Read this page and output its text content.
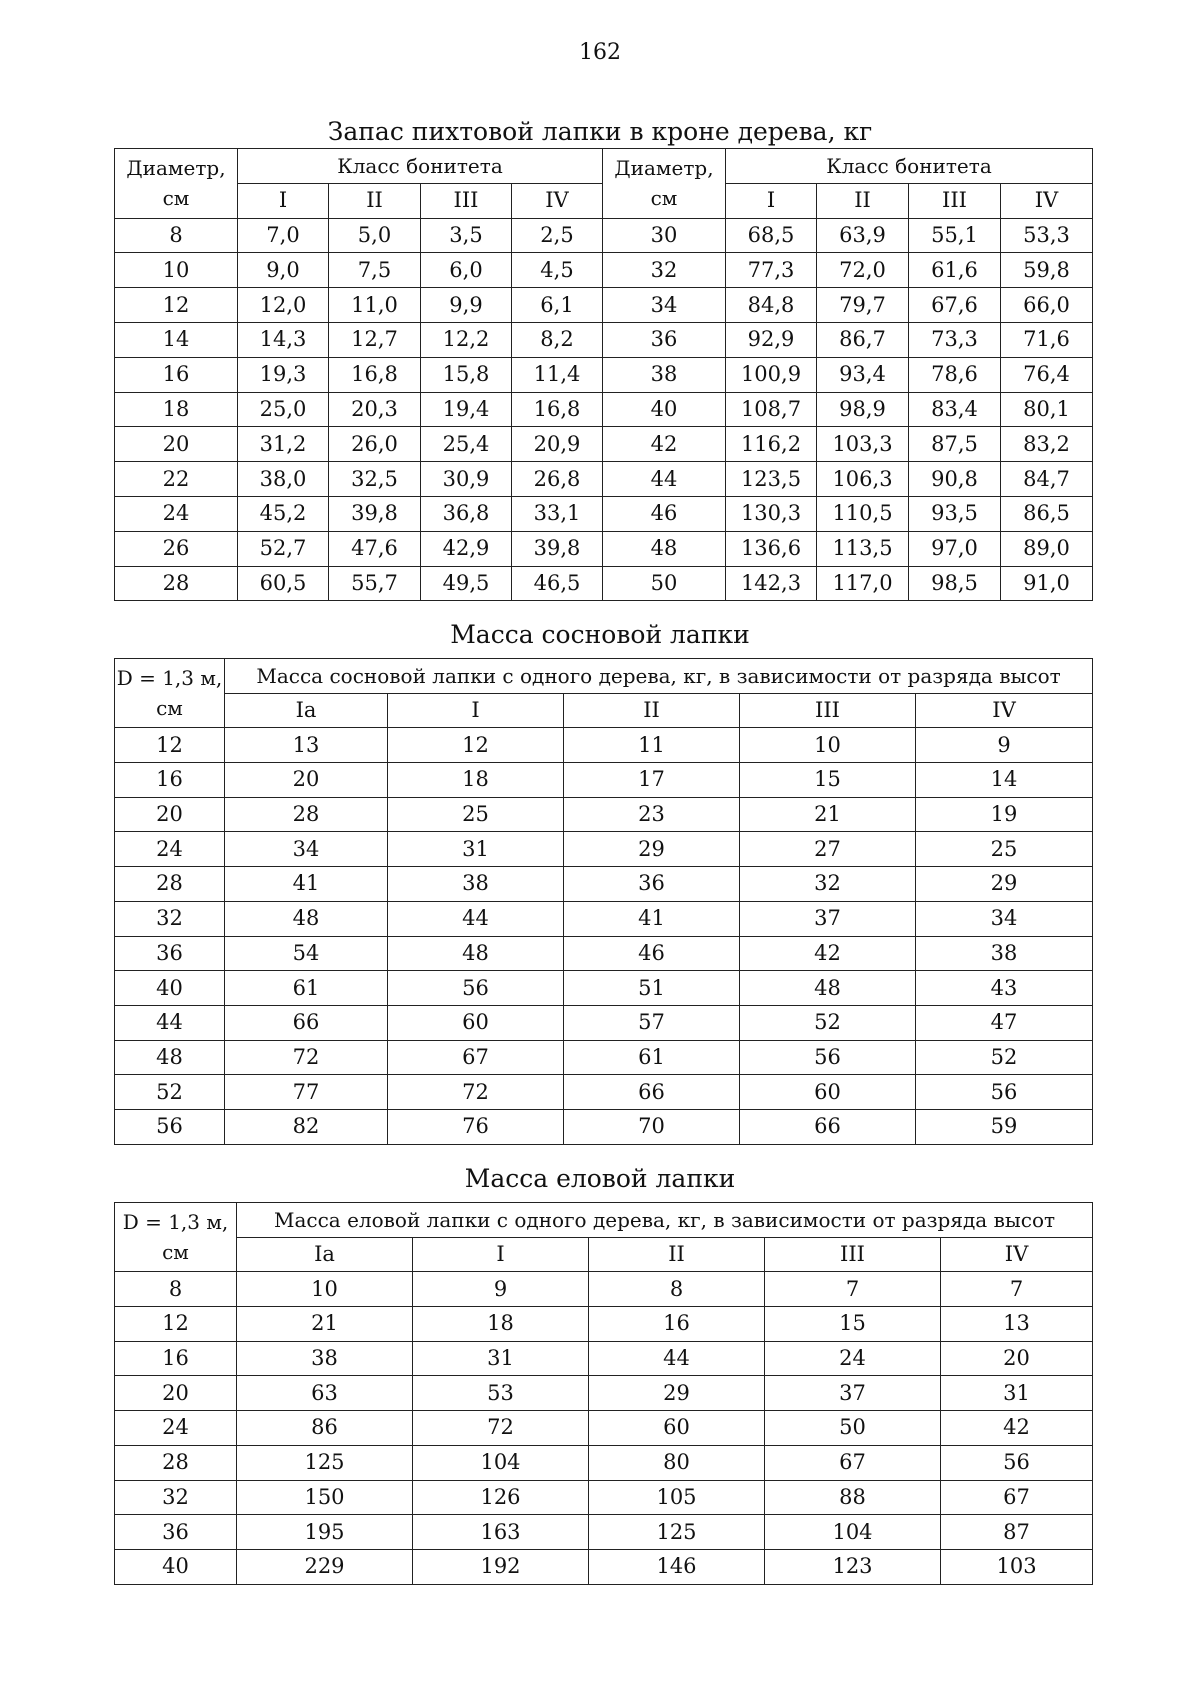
162
Запас пихтовой лапки в кроне дерева, кг
Диаметр,
см	Класс бонитета				Диаметр,
см	Класс бонитета			
	I	II	III	IV		I	II	III	IV
8	7,0	5,0	3,5	2,5	30	68,5	63,9	55,1	53,3
10	9,0	7,5	6,0	4,5	32	77,3	72,0	61,6	59,8
12	12,0	11,0	9,9	6,1	34	84,8	79,7	67,6	66,0
14	14,3	12,7	12,2	8,2	36	92,9	86,7	73,3	71,6
16	19,3	16,8	15,8	11,4	38	100,9	93,4	78,6	76,4
18	25,0	20,3	19,4	16,8	40	108,7	98,9	83,4	80,1
20	31,2	26,0	25,4	20,9	42	116,2	103,3	87,5	83,2
22	38,0	32,5	30,9	26,8	44	123,5	106,3	90,8	84,7
24	45,2	39,8	36,8	33,1	46	130,3	110,5	93,5	86,5
26	52,7	47,6	42,9	39,8	48	136,6	113,5	97,0	89,0
28	60,5	55,7	49,5	46,5	50	142,3	117,0	98,5	91,0
Масса сосновой лапки
D = 1,3 м,
см	Масса сосновой лапки с одного дерева, кг, в зависимости от разряда высот				
	Ia	I	II	III	IV
12	13	12	11	10	9
16	20	18	17	15	14
20	28	25	23	21	19
24	34	31	29	27	25
28	41	38	36	32	29
32	48	44	41	37	34
36	54	48	46	42	38
40	61	56	51	48	43
44	66	60	57	52	47
48	72	67	61	56	52
52	77	72	66	60	56
56	82	76	70	66	59
Масса еловой лапки
D = 1,3 м,
см	Масса еловой лапки с одного дерева, кг, в зависимости от разряда высот				
	Ia	I	II	III	IV
8	10	9	8	7	7
12	21	18	16	15	13
16	38	31	44	24	20
20	63	53	29	37	31
24	86	72	60	50	42
28	125	104	80	67	56
32	150	126	105	88	67
36	195	163	125	104	87
40	229	192	146	123	103
